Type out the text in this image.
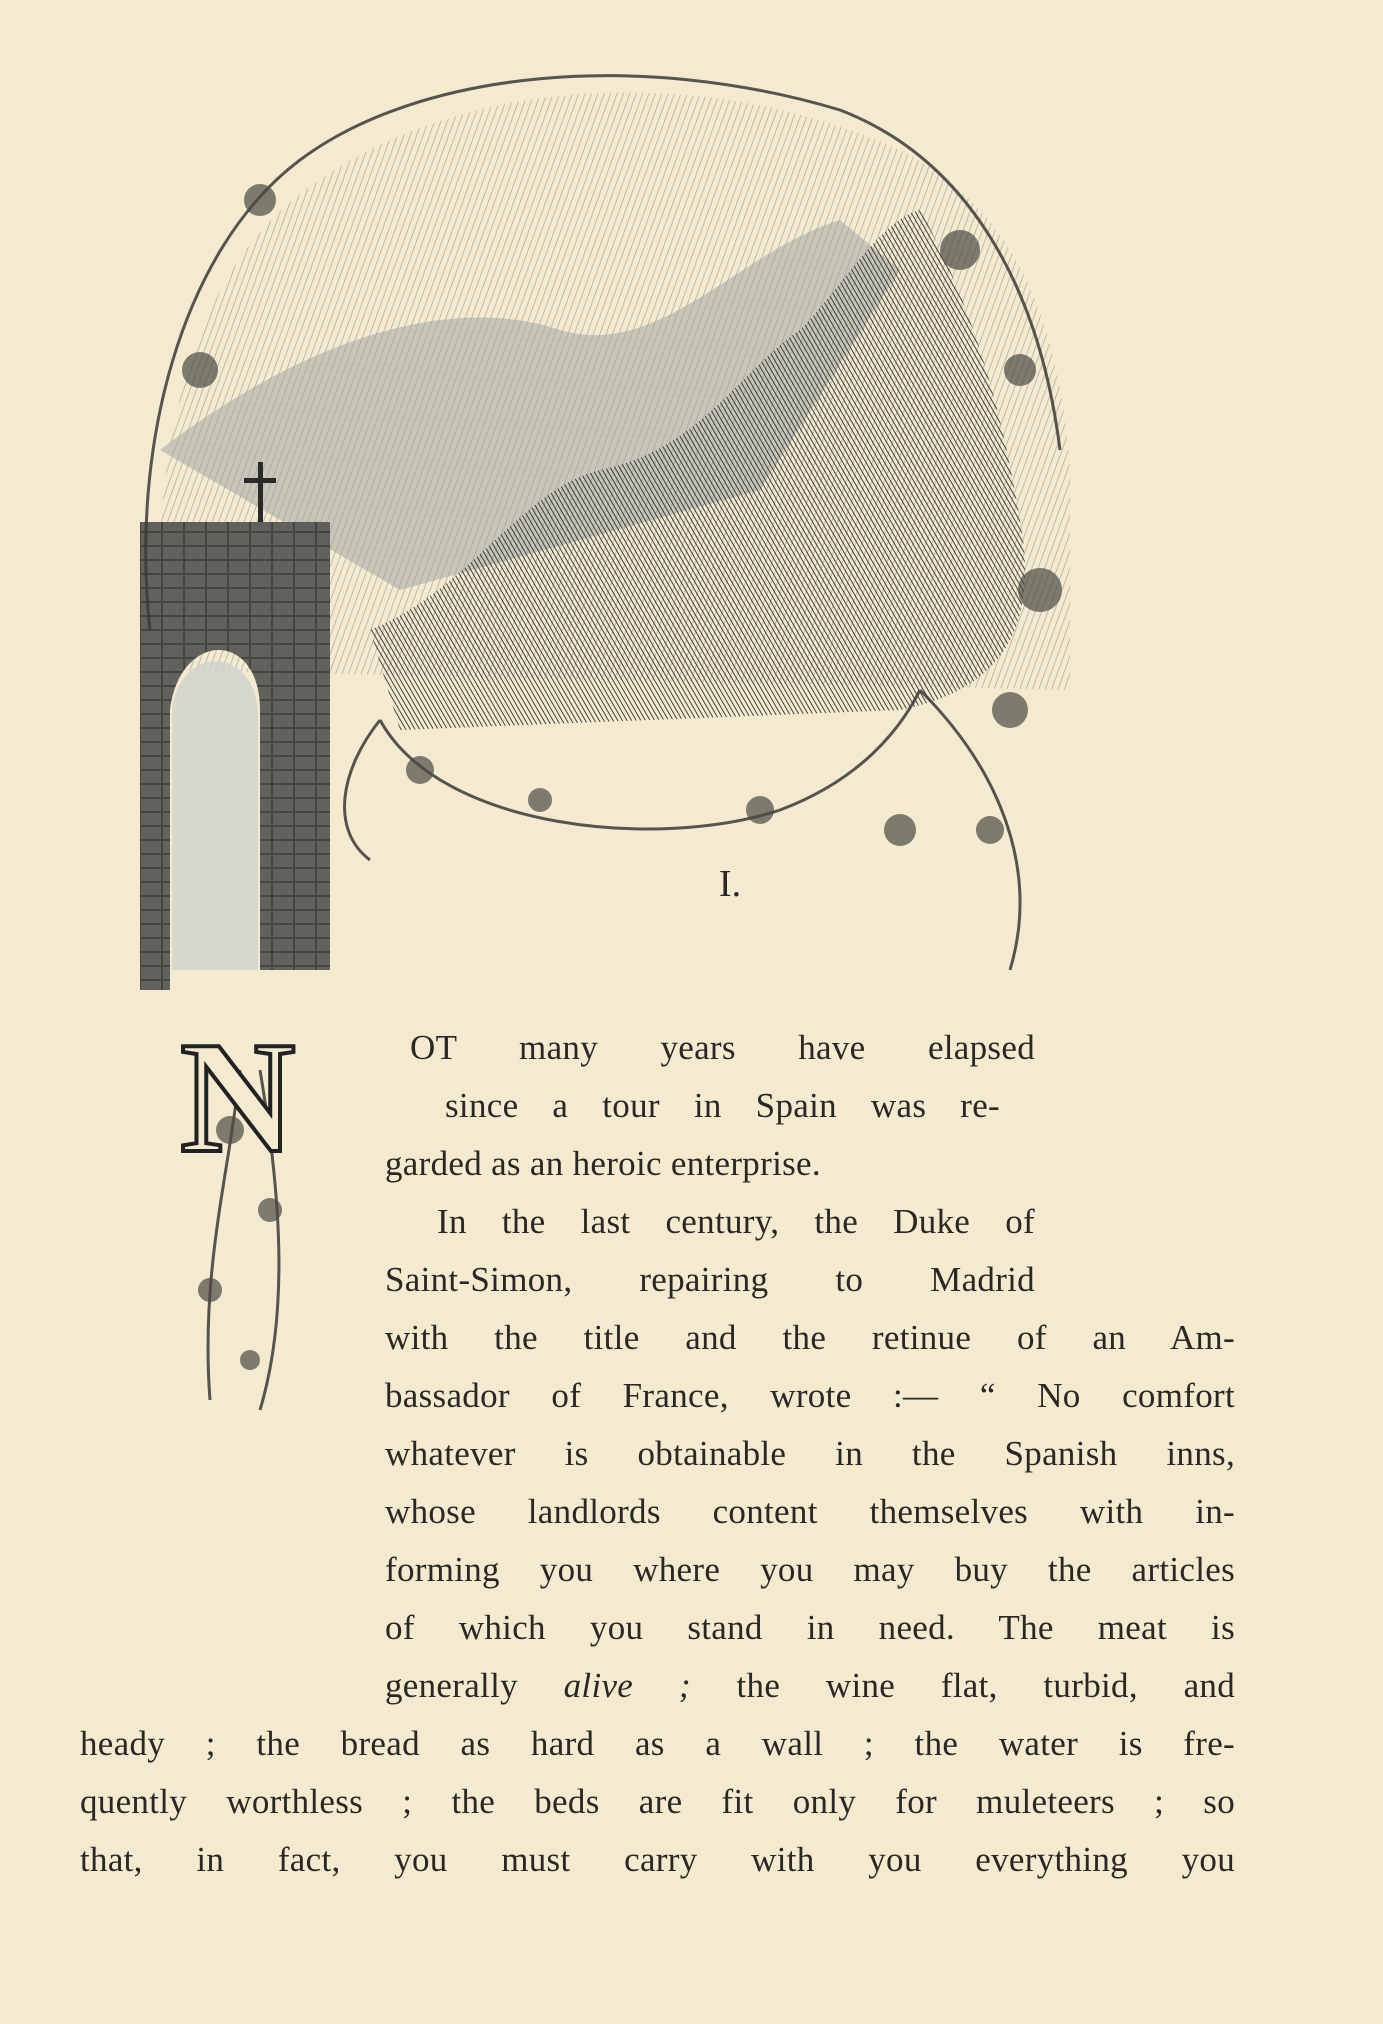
I.
N	OT many years have elapsed
since a tour in Spain was re-
garded as an heroic enterprise.
In the last century, the Duke of
Saint-Simon, repairing to Madrid
with the title and the retinue of an Am-
bassador of France, wrote :— “ No comfort
whatever is obtainable in the Spanish inns,
whose landlords content themselves with in-
forming you where you may buy the articles
of which you stand in need. The meat is
generally alive ; the wine flat, turbid, and
heady ; the bread as hard as a wall ; the water is fre-
quently worthless ; the beds are fit only for muleteers ; so
that, in fact, you must carry with you everything you
